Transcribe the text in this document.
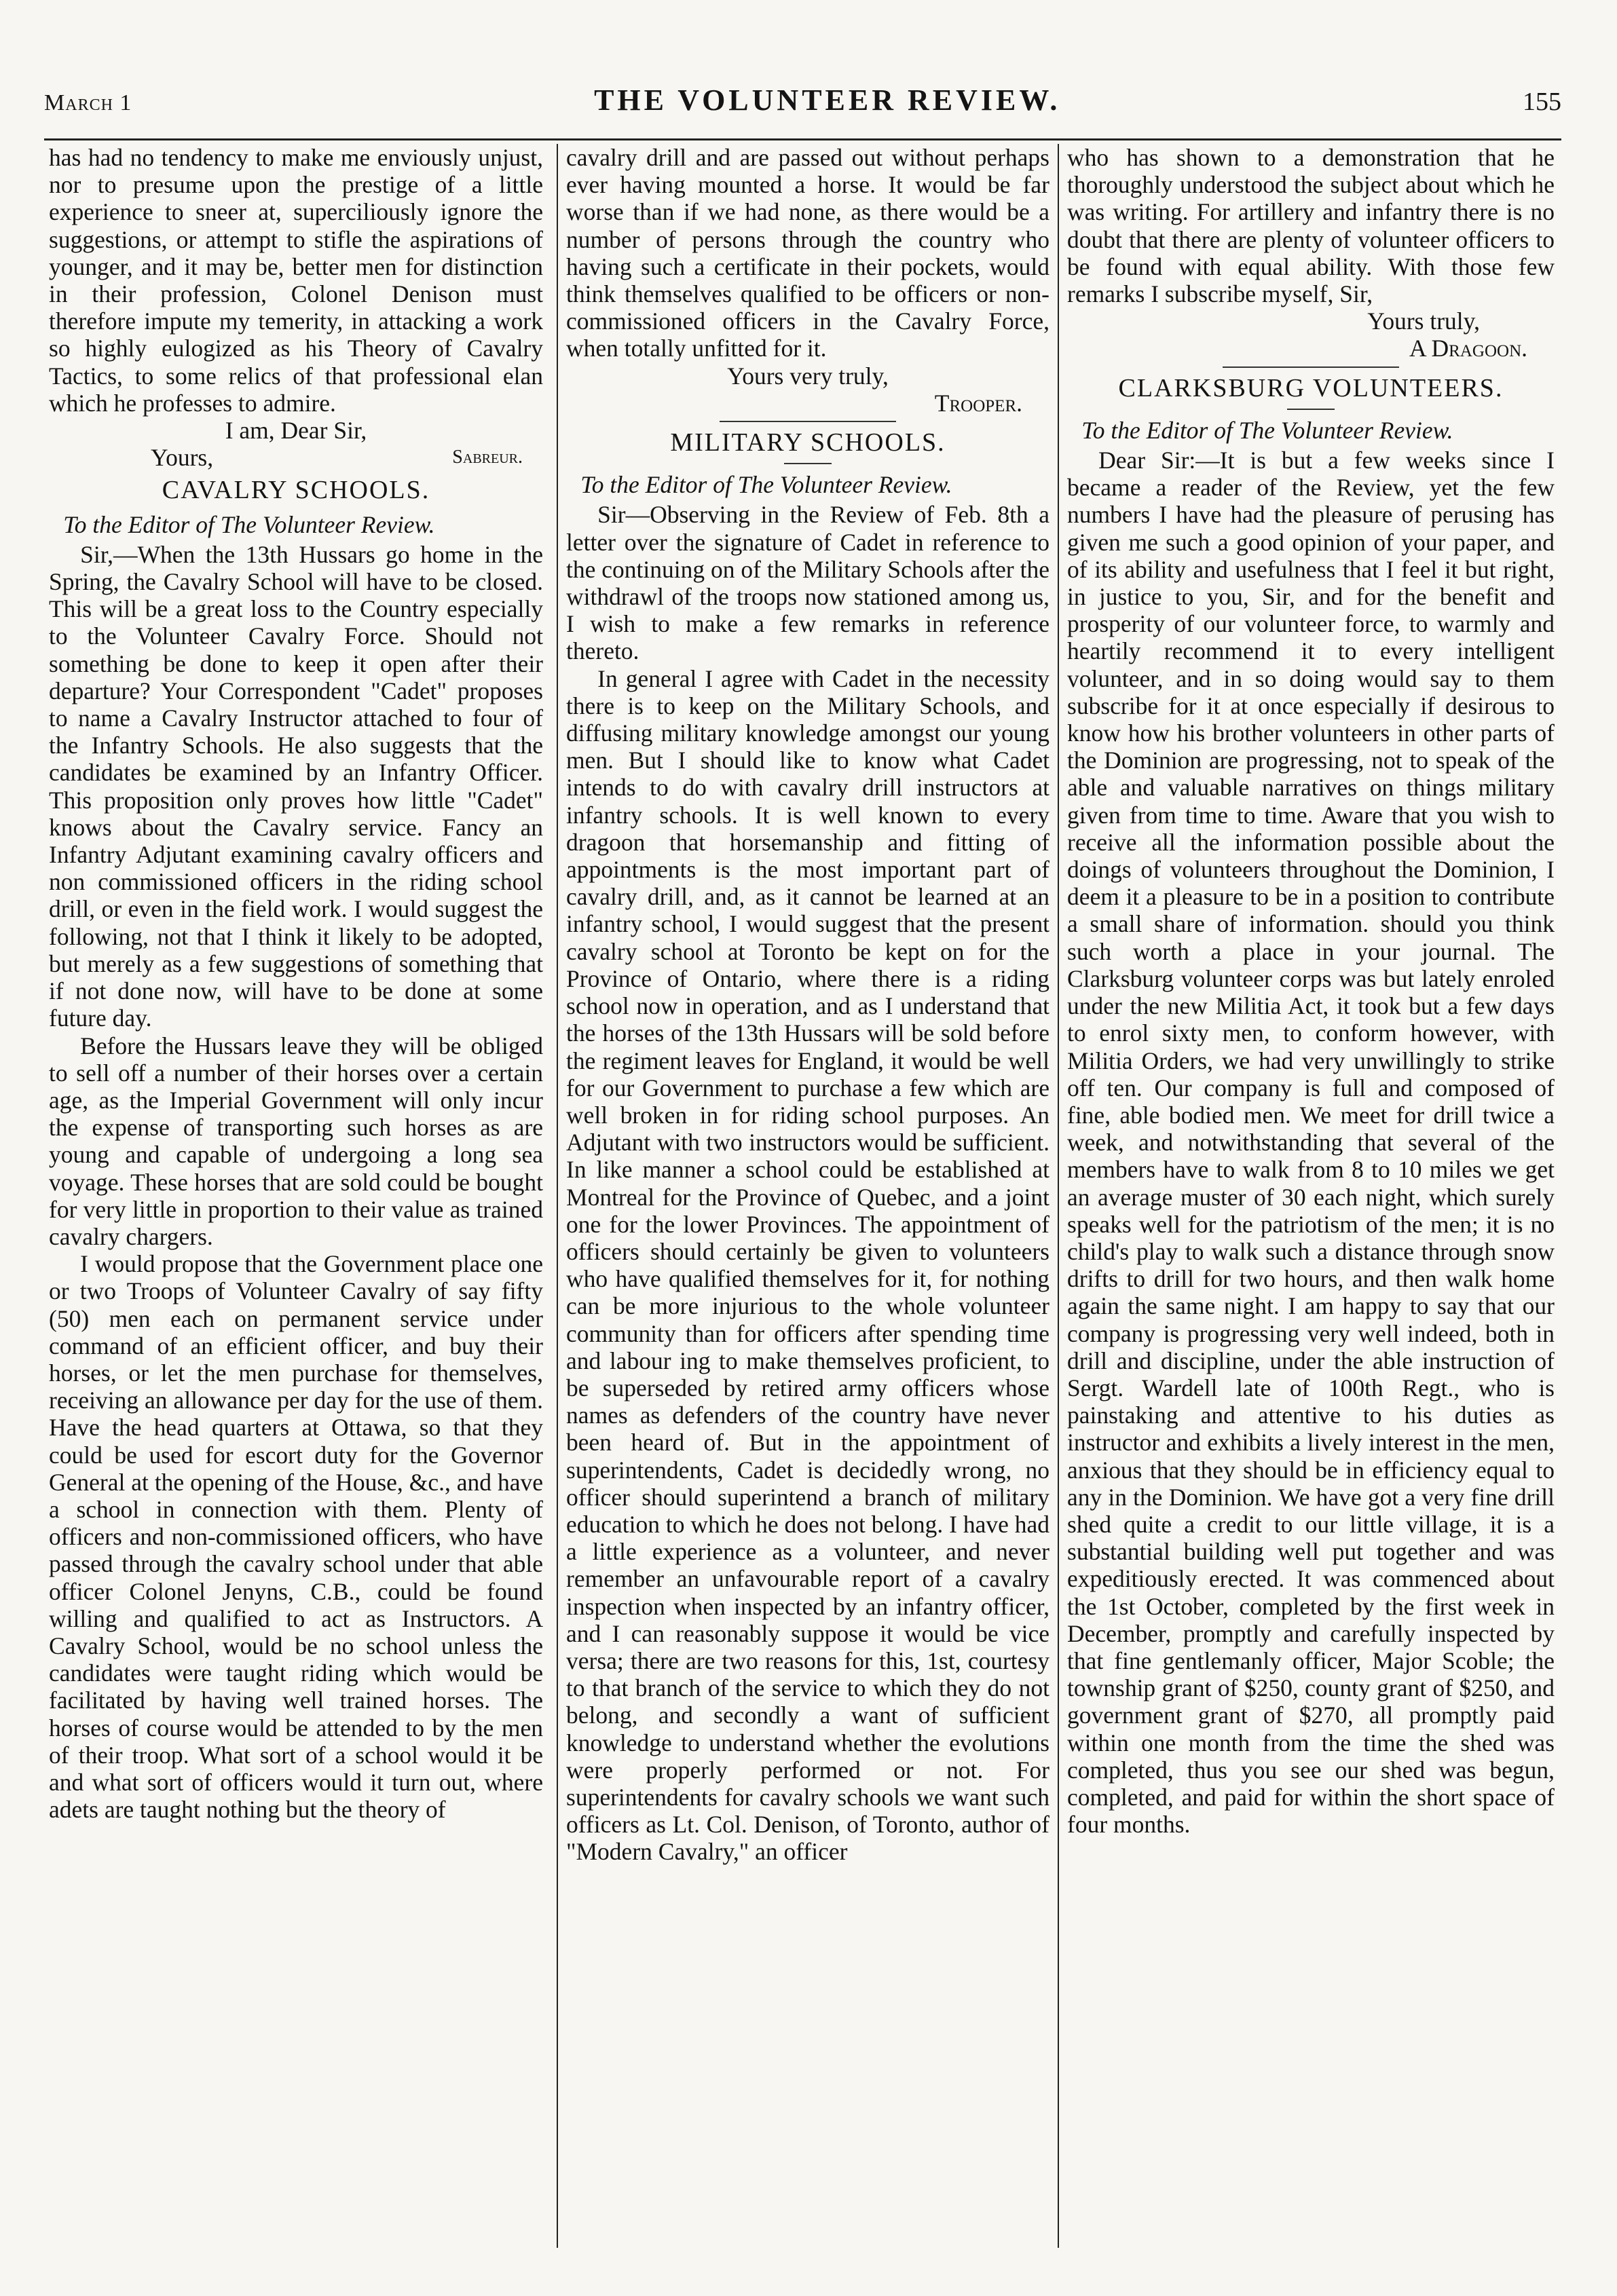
March 1	THE VOLUNTEER REVIEW.	155

has had no tendency to make me enviously unjust, nor to presume upon the prestige of a little experience to sneer at, superciliously ignore the suggestions, or attempt to stifle the aspirations of younger, and it may be, better men for distinction in their profession, Colonel Denison must therefore impute my temerity, in attacking a work so highly eulogized as his Theory of Cavalry Tactics, to some relics of that professional elan which he professes to admire.

I am, Dear Sir,

Yours,	Sabreur.
CAVALRY SCHOOLS.
To the Editor of The Volunteer Review.

Sir,—When the 13th Hussars go home in the Spring, the Cavalry School will have to be closed. This will be a great loss to the Country especially to the Volunteer Cavalry Force. Should not something be done to keep it open after their departure? Your Correspondent "Cadet" proposes to name a Cavalry Instructor attached to four of the Infantry Schools. He also suggests that the candidates be examined by an Infantry Officer. This proposition only proves how little "Cadet" knows about the Cavalry service. Fancy an Infantry Adjutant examining cavalry officers and non commissioned officers in the riding school drill, or even in the field work. I would suggest the following, not that I think it likely to be adopted, but merely as a few suggestions of something that if not done now, will have to be done at some future day.

Before the Hussars leave they will be obliged to sell off a number of their horses over a certain age, as the Imperial Government will only incur the expense of transporting such horses as are young and capable of undergoing a long sea voyage. These horses that are sold could be bought for very little in proportion to their value as trained cavalry chargers.

I would propose that the Government place one or two Troops of Volunteer Cavalry of say fifty (50) men each on permanent service under command of an efficient officer, and buy their horses, or let the men purchase for themselves, receiving an allowance per day for the use of them. Have the head quarters at Ottawa, so that they could be used for escort duty for the Governor General at the opening of the House, &c., and have a school in connection with them. Plenty of officers and non-commissioned officers, who have passed through the cavalry school under that able officer Colonel Jenyns, C.B., could be found willing and qualified to act as Instructors. A Cavalry School, would be no school unless the candidates were taught riding which would be facilitated by having well trained horses. The horses of course would be attended to by the men of their troop. What sort of a school would it be and what sort of officers would it turn out, where adets are taught nothing but the theory of

cavalry drill and are passed out without perhaps ever having mounted a horse. It would be far worse than if we had none, as there would be a number of persons through the country who having such a certificate in their pockets, would think themselves qualified to be officers or non-commissioned officers in the Cavalry Force, when totally unfitted for it.

Yours very truly,

Trooper.
MILITARY SCHOOLS.
To the Editor of The Volunteer Review.

Sir—Observing in the Review of Feb. 8th a letter over the signature of Cadet in reference to the continuing on of the Military Schools after the withdrawl of the troops now stationed among us, I wish to make a few remarks in reference thereto.

In general I agree with Cadet in the necessity there is to keep on the Military Schools, and diffusing military knowledge amongst our young men. But I should like to know what Cadet intends to do with cavalry drill instructors at infantry schools. It is well known to every dragoon that horsemanship and fitting of appointments is the most important part of cavalry drill, and, as it cannot be learned at an infantry school, I would suggest that the present cavalry school at Toronto be kept on for the Province of Ontario, where there is a riding school now in operation, and as I understand that the horses of the 13th Hussars will be sold before the regiment leaves for England, it would be well for our Government to purchase a few which are well broken in for riding school purposes. An Adjutant with two instructors would be sufficient. In like manner a school could be established at Montreal for the Province of Quebec, and a joint one for the lower Provinces. The appointment of officers should certainly be given to volunteers who have qualified themselves for it, for nothing can be more injurious to the whole volunteer community than for officers after spending time and labour ing to make themselves proficient, to be superseded by retired army officers whose names as defenders of the country have never been heard of. But in the appointment of superintendents, Cadet is decidedly wrong, no officer should superintend a branch of military education to which he does not belong. I have had a little experience as a volunteer, and never remember an unfavourable report of a cavalry inspection when inspected by an infantry officer, and I can reasonably suppose it would be vice versa; there are two reasons for this, 1st, courtesy to that branch of the service to which they do not belong, and secondly a want of sufficient knowledge to understand whether the evolutions were properly performed or not. For superintendents for cavalry schools we want such officers as Lt. Col. Denison, of Toronto, author of "Modern Cavalry," an officer

who has shown to a demonstration that he thoroughly understood the subject about which he was writing. For artillery and infantry there is no doubt that there are plenty of volunteer officers to be found with equal ability. With those few remarks I subscribe myself, Sir,

Yours truly,
A Dragoon.
CLARKSBURG VOLUNTEERS.
To the Editor of The Volunteer Review.

Dear Sir:—It is but a few weeks since I became a reader of the Review, yet the few numbers I have had the pleasure of perusing has given me such a good opinion of your paper, and of its ability and usefulness that I feel it but right, in justice to you, Sir, and for the benefit and prosperity of our volunteer force, to warmly and heartily recommend it to every intelligent volunteer, and in so doing would say to them subscribe for it at once especially if desirous to know how his brother volunteers in other parts of the Dominion are progressing, not to speak of the able and valuable narratives on things military given from time to time. Aware that you wish to receive all the information possible about the doings of volunteers throughout the Dominion, I deem it a pleasure to be in a position to contribute a small share of information. should you think such worth a place in your journal. The Clarksburg volunteer corps was but lately enroled under the new Militia Act, it took but a few days to enrol sixty men, to conform however, with Militia Orders, we had very unwillingly to strike off ten. Our company is full and composed of fine, able bodied men. We meet for drill twice a week, and notwithstanding that several of the members have to walk from 8 to 10 miles we get an average muster of 30 each night, which surely speaks well for the patriotism of the men; it is no child's play to walk such a distance through snow drifts to drill for two hours, and then walk home again the same night. I am happy to say that our company is progressing very well indeed, both in drill and discipline, under the able instruction of Sergt. Wardell late of 100th Regt., who is painstaking and attentive to his duties as instructor and exhibits a lively interest in the men, anxious that they should be in efficiency equal to any in the Dominion. We have got a very fine drill shed quite a credit to our little village, it is a substantial building well put together and was expeditiously erected. It was commenced about the 1st October, completed by the first week in December, promptly and carefully inspected by that fine gentlemanly officer, Major Scoble; the township grant of $250, county grant of $250, and government grant of $270, all promptly paid within one month from the time the shed was completed, thus you see our shed was begun, completed, and paid for within the short space of four months.
